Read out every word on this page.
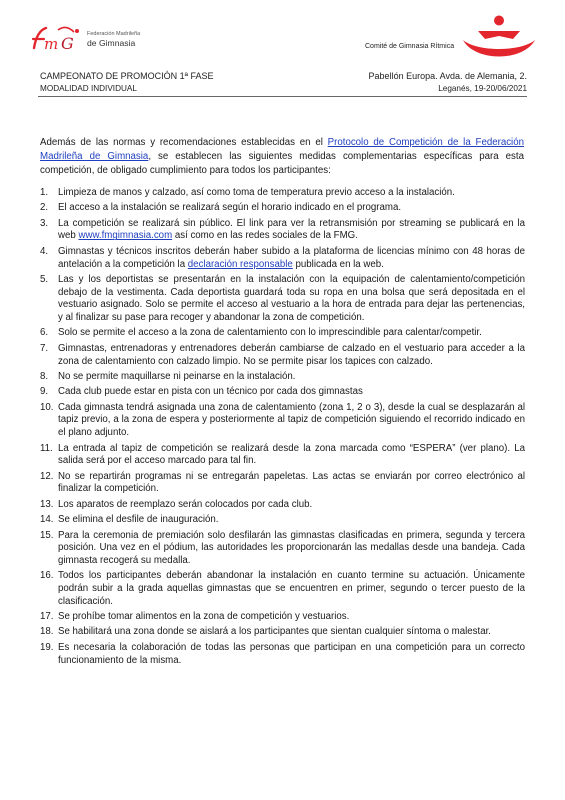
m G Federación Madrileña
de Gimnasia	Comité de Gimnasia Rítmica
CAMPEONATO DE PROMOCIÓN 1ª FASE
MODALIDAD INDIVIDUAL
Pabellón Europa. Avda. de Alemania, 2.
Leganés, 19-20/06/2021

Además de las normas y recomendaciones establecidas en el Protocolo de Competición de la Federación Madrileña de Gimnasia, se establecen las siguientes medidas complementarias específicas para esta competición, de obligado cumplimiento para todos los participantes:

1.	Limpieza de manos y calzado, así como toma de temperatura previo acceso a la instalación.
2.	El acceso a la instalación se realizará según el horario indicado en el programa.
3.	La competición se realizará sin público. El link para ver la retransmisión por streaming se publicará en la web www.fmgimnasia.com así como en las redes sociales de la FMG.
4.	Gimnastas y técnicos inscritos deberán haber subido a la plataforma de licencias mínimo con 48 horas de antelación a la competición la declaración responsable publicada en la web.
5.	Las y los deportistas se presentarán en la instalación con la equipación de calentamiento/competición debajo de la vestimenta. Cada deportista guardará toda su ropa en una bolsa que será depositada en el vestuario asignado. Solo se permite el acceso al vestuario a la hora de entrada para dejar las pertenencias, y al finalizar su pase para recoger y abandonar la zona de competición.
6.	Solo se permite el acceso a la zona de calentamiento con lo imprescindible para calentar/competir.
7.	Gimnastas, entrenadoras y entrenadores deberán cambiarse de calzado en el vestuario para acceder a la zona de calentamiento con calzado limpio. No se permite pisar los tapices con calzado.
8.	No se permite maquillarse ni peinarse en la instalación.
9.	Cada club puede estar en pista con un técnico por cada dos gimnastas
10. Cada gimnasta tendrá asignada una zona de calentamiento (zona 1, 2 o 3), desde la cual se desplazarán al tapiz previo, a la zona de espera y posteriormente al tapiz de competición siguiendo el recorrido indicado en el plano adjunto.
11. La entrada al tapiz de competición se realizará desde la zona marcada como “ESPERA” (ver plano). La salida será por el acceso marcado para tal fin.
12. No se repartirán programas ni se entregarán papeletas. Las actas se enviarán por correo electrónico al finalizar la competición.
13. Los aparatos de reemplazo serán colocados por cada club.
14. Se elimina el desfile de inauguración.
15. Para la ceremonia de premiación solo desfilarán las gimnastas clasificadas en primera, segunda y tercera posición. Una vez en el pódium, las autoridades les proporcionarán las medallas desde una bandeja. Cada gimnasta recogerá su medalla.
16. Todos los participantes deberán abandonar la instalación en cuanto termine su actuación. Únicamente podrán subir a la grada aquellas gimnastas que se encuentren en primer, segundo o tercer puesto de la clasificación.
17. Se prohíbe tomar alimentos en la zona de competición y vestuarios.
18. Se habilitará una zona donde se aislará a los participantes que sientan cualquier síntoma o malestar.
19. Es necesaria la colaboración de todas las personas que participan en una competición para un correcto funcionamiento de la misma.
